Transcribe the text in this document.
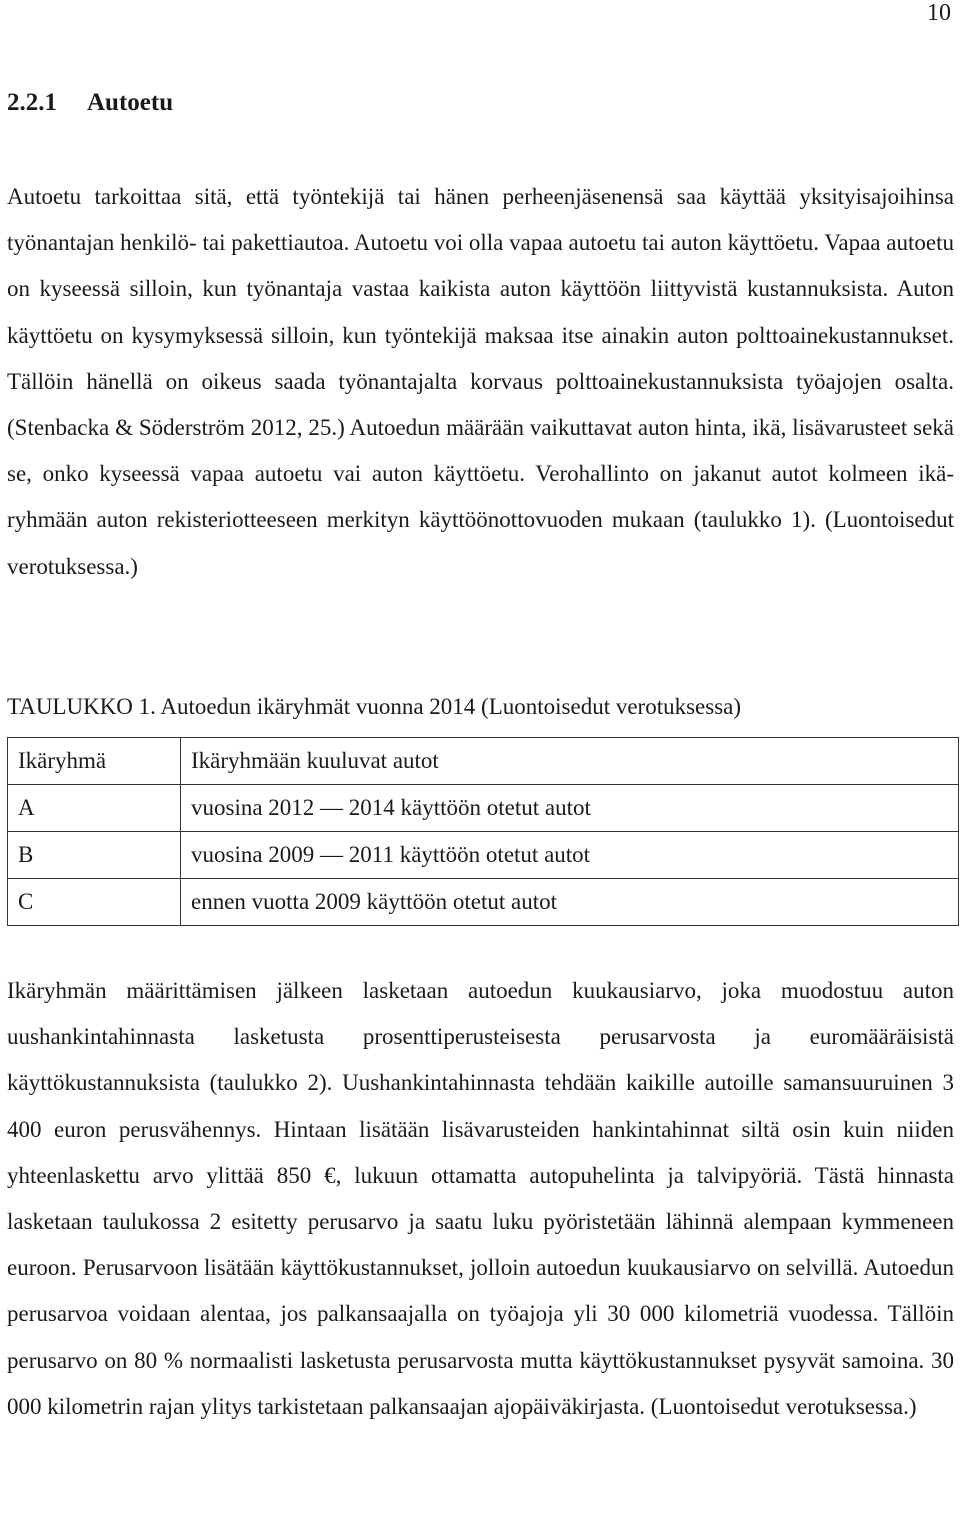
10
2.2.1 Autoetu

Autoetu tarkoittaa sitä, että työntekijä tai hänen perheenjäsenensä saa käyttää yksityisajoihinsa työnantajan henkilö- tai pakettiautoa. Autoetu voi olla vapaa autoetu tai auton käyttöetu. Vapaa autoetu on kyseessä silloin, kun työnantaja vastaa kaikista auton käyttöön liittyvistä kustannuksista. Auton käyttöetu on kysymyksessä silloin, kun työntekijä maksaa itse ainakin auton polttoainekustannukset. Tällöin hänellä on oikeus saada työnantajalta korvaus polttoainekustannuksista työajojen osalta. (Stenbacka & Söderström 2012, 25.) Autoedun määrään vaikuttavat auton hinta, ikä, lisävarusteet sekä se, onko kyseessä vapaa autoetu vai auton käyttöetu. Verohallinto on jakanut autot kolmeen ikäryhmään auton rekisteriotteeseen merkityn käyttöönottovuoden mukaan (taulukko 1). (Luontoisedut verotuksessa.)

TAULUKKO 1. Autoedun ikäryhmät vuonna 2014 (Luontoisedut verotuksessa)

Ikäryhmä	Ikäryhmään kuuluvat autot
A	vuosina 2012 — 2014 käyttöön otetut autot
B	vuosina 2009 — 2011 käyttöön otetut autot
C	ennen vuotta 2009 käyttöön otetut autot

Ikäryhmän määrittämisen jälkeen lasketaan autoedun kuukausiarvo, joka muodostuu auton uushankintahinnasta lasketusta prosenttiperusteisesta perusarvosta ja euromääräisistä käyttökustannuksista (taulukko 2). Uushankintahinnasta tehdään kaikille autoille samansuuruinen 3 400 euron perusvähennys. Hintaan lisätään lisävarusteiden hankintahinnat siltä osin kuin niiden yhteenlaskettu arvo ylittää 850 €, lukuun ottamatta autopuhelinta ja talvipyöriä. Tästä hinnasta lasketaan taulukossa 2 esitetty perusarvo ja saatu luku pyöristetään lähinnä alempaan kymmeneen euroon. Perusarvoon lisätään käyttökustannukset, jolloin autoedun kuukausiarvo on selvillä. Autoedun perusarvoa voidaan alentaa, jos palkansaajalla on työajoja yli 30 000 kilometriä vuodessa. Tällöin perusarvo on 80 % normaalisti lasketusta perusarvosta mutta käyttökustannukset pysyvät samoina. 30 000 kilometrin rajan ylitys tarkistetaan palkansaajan ajopäiväkirjasta. (Luontoisedut verotuksessa.)
